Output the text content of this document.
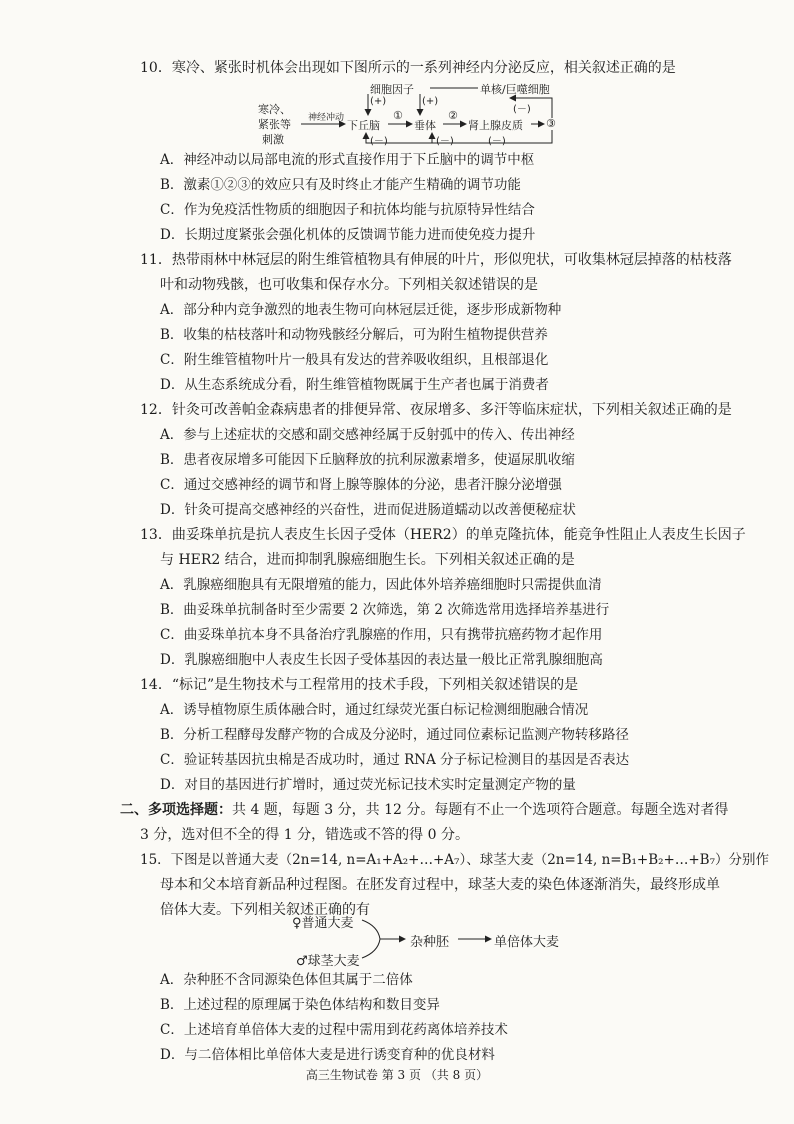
10．寒冷、紧张时机体会出现如下图所示的一系列神经内分泌反应，相关叙述正确的是
寒冷、
紧张等
刺激
神经冲动
下丘脑	垂体	肾上腺皮质
细胞因子	单核/巨噬细胞
①	②
③
(+)	(+)
(－)
(－)
(－)
(－)
A．神经冲动以局部电流的形式直接作用于下丘脑中的调节中枢
B．激素①②③的效应只有及时终止才能产生精确的调节功能
C．作为免疫活性物质的细胞因子和抗体均能与抗原特异性结合
D．长期过度紧张会强化机体的反馈调节能力进而使免疫力提升
11．热带雨林中林冠层的附生维管植物具有伸展的叶片，形似兜状，可收集林冠层掉落的枯枝落
叶和动物残骸，也可收集和保存水分。下列相关叙述错误的是
A．部分种内竞争激烈的地表生物可向林冠层迁徙，逐步形成新物种
B．收集的枯枝落叶和动物残骸经分解后，可为附生植物提供营养
C．附生维管植物叶片一般具有发达的营养吸收组织，且根部退化
D．从生态系统成分看，附生维管植物既属于生产者也属于消费者
12．针灸可改善帕金森病患者的排便异常、夜尿增多、多汗等临床症状，下列相关叙述正确的是
A．参与上述症状的交感和副交感神经属于反射弧中的传入、传出神经
B．患者夜尿增多可能因下丘脑释放的抗利尿激素增多，使逼尿肌收缩
C．通过交感神经的调节和肾上腺等腺体的分泌，患者汗腺分泌增强
D．针灸可提高交感神经的兴奋性，进而促进肠道蠕动以改善便秘症状
13．曲妥珠单抗是抗人表皮生长因子受体（HER2）的单克隆抗体，能竞争性阻止人表皮生长因子
与 HER2 结合，进而抑制乳腺癌细胞生长。下列相关叙述正确的是
A．乳腺癌细胞具有无限增殖的能力，因此体外培养癌细胞时只需提供血清
B．曲妥珠单抗制备时至少需要 2 次筛选，第 2 次筛选常用选择培养基进行
C．曲妥珠单抗本身不具备治疗乳腺癌的作用，只有携带抗癌药物才起作用
D．乳腺癌细胞中人表皮生长因子受体基因的表达量一般比正常乳腺细胞高
14．“标记”是生物技术与工程常用的技术手段，下列相关叙述错误的是
A．诱导植物原生质体融合时，通过红绿荧光蛋白标记检测细胞融合情况
B．分析工程酵母发酵产物的合成及分泌时，通过同位素标记监测产物转移路径
C．验证转基因抗虫棉是否成功时，通过 RNA 分子标记检测目的基因是否表达
D．对目的基因进行扩增时，通过荧光标记技术实时定量测定产物的量
二、多项选择题：共 4 题，每题 3 分，共 12 分。每题有不止一个选项符合题意。每题全选对者得
3 分，选对但不全的得 1 分，错选或不答的得 0 分。
15．下图是以普通大麦（2n=14, n=A₁+A₂+…+A₇）、球茎大麦（2n=14, n=B₁+B₂+…+B₇）分别作
母本和父本培育新品种过程图。在胚发育过程中，球茎大麦的染色体逐渐消失，最终形成单
倍体大麦。下列相关叙述正确的有
♀普通大麦
♂球茎大麦
杂种胚	单倍体大麦
A．杂种胚不含同源染色体但其属于二倍体
B．上述过程的原理属于染色体结构和数目变异
C．上述培育单倍体大麦的过程中需用到花药离体培养技术
D．与二倍体相比单倍体大麦是进行诱变育种的优良材料
高三生物试卷 第 3 页 （共 8 页）
